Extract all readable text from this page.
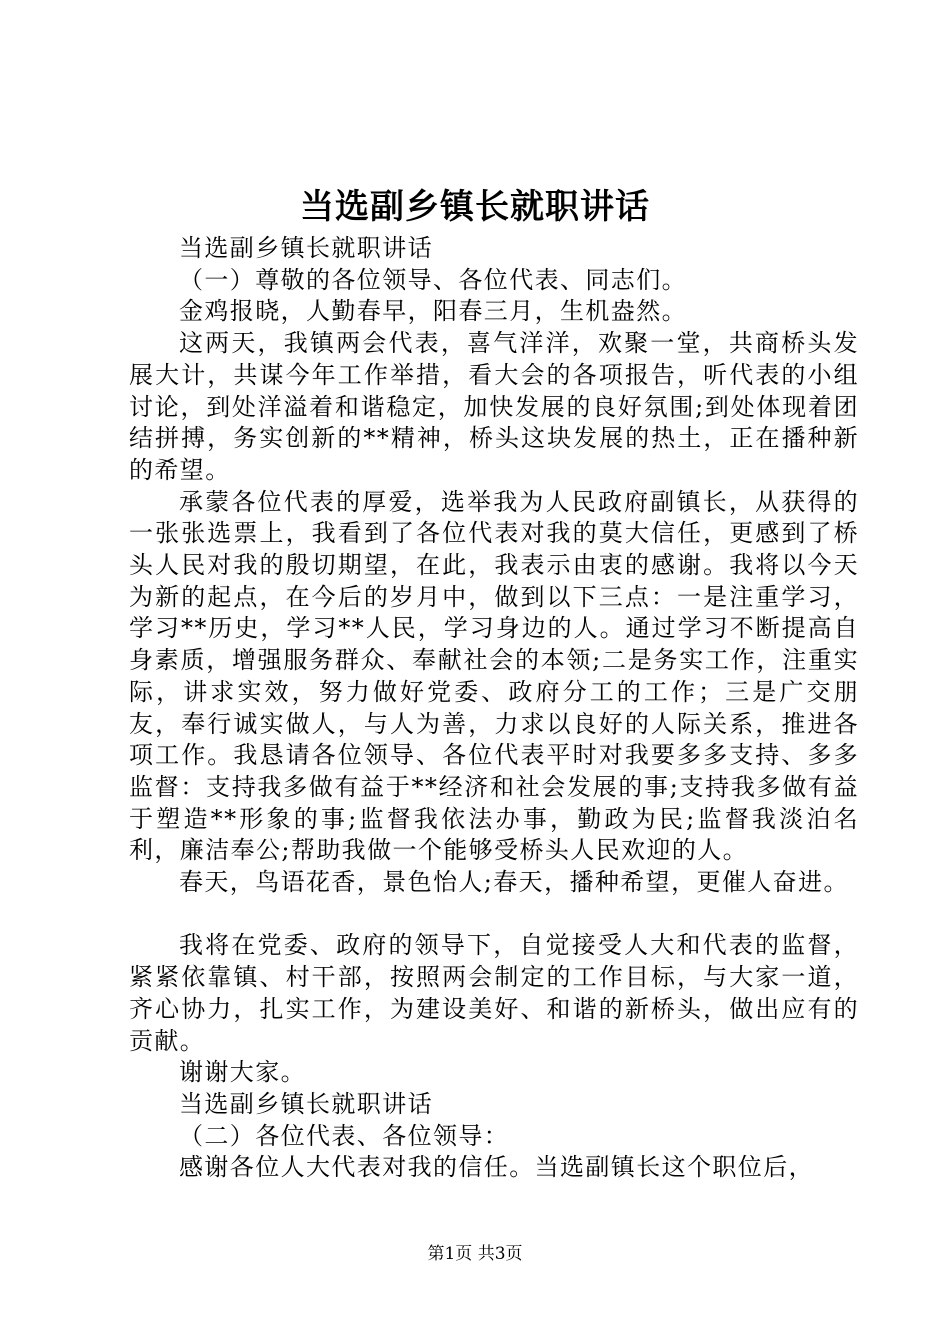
当选副乡镇长就职讲话

当选副乡镇长就职讲话

（一）尊敬的各位领导、各位代表、同志们。

金鸡报晓，人勤春早，阳春三月，生机盎然。

这两天，我镇两会代表，喜气洋洋，欢聚一堂，共商桥头发展大计，共谋今年工作举措，看大会的各项报告，听代表的小组讨论，到处洋溢着和谐稳定，加快发展的良好氛围;到处体现着团结拼搏，务实创新的**精神，桥头这块发展的热土，正在播种新的希望。

承蒙各位代表的厚爱，选举我为人民政府副镇长，从获得的一张张选票上，我看到了各位代表对我的莫大信任，更感到了桥头人民对我的殷切期望，在此，我表示由衷的感谢。我将以今天为新的起点，在今后的岁月中，做到以下三点：一是注重学习，学习**历史，学习**人民，学习身边的人。通过学习不断提高自身素质，增强服务群众、奉献社会的本领;二是务实工作，注重实际，讲求实效，努力做好党委、政府分工的工作；三是广交朋友，奉行诚实做人，与人为善，力求以良好的人际关系，推进各项工作。我恳请各位领导、各位代表平时对我要多多支持、多多监督：支持我多做有益于**经济和社会发展的事;支持我多做有益于塑造**形象的事;监督我依法办事，勤政为民;监督我淡泊名利，廉洁奉公;帮助我做一个能够受桥头人民欢迎的人。

春天，鸟语花香，景色怡人;春天，播种希望，更催人奋进。

我将在党委、政府的领导下，自觉接受人大和代表的监督，紧紧依靠镇、村干部，按照两会制定的工作目标，与大家一道，齐心协力，扎实工作，为建设美好、和谐的新桥头，做出应有的贡献。

谢谢大家。

当选副乡镇长就职讲话

（二）各位代表、各位领导：

感谢各位人大代表对我的信任。当选副镇长这个职位后，

第1页 共3页
